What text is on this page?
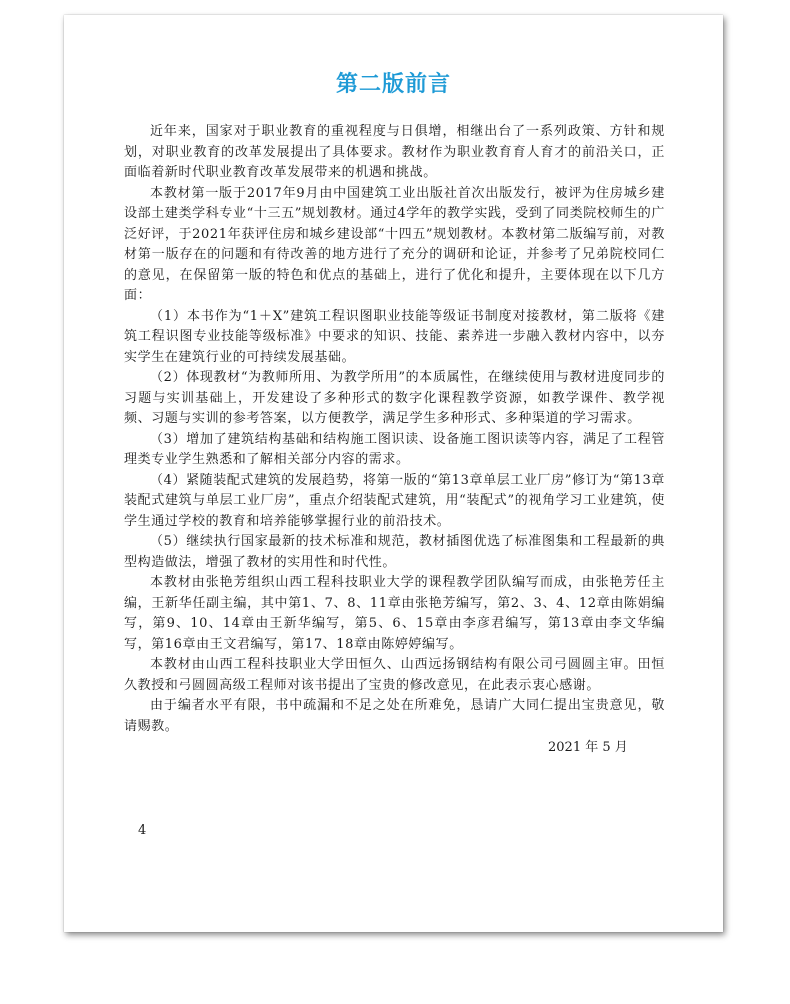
第二版前言

近年来，国家对于职业教育的重视程度与日俱增，相继出台了一系列政策、方针和规划，对职业教育的改革发展提出了具体要求。教材作为职业教育育人育才的前沿关口，正面临着新时代职业教育改革发展带来的机遇和挑战。

本教材第一版于2017年9月由中国建筑工业出版社首次出版发行，被评为住房城乡建设部土建类学科专业“十三五”规划教材。通过4学年的教学实践，受到了同类院校师生的广泛好评，于2021年获评住房和城乡建设部“十四五”规划教材。本教材第二版编写前，对教材第一版存在的问题和有待改善的地方进行了充分的调研和论证，并参考了兄弟院校同仁的意见，在保留第一版的特色和优点的基础上，进行了优化和提升，主要体现在以下几方面：

（1）本书作为“1＋X”建筑工程识图职业技能等级证书制度对接教材，第二版将《建筑工程识图专业技能等级标准》中要求的知识、技能、素养进一步融入教材内容中，以夯实学生在建筑行业的可持续发展基础。

（2）体现教材“为教师所用、为教学所用”的本质属性，在继续使用与教材进度同步的习题与实训基础上，开发建设了多种形式的数字化课程教学资源，如教学课件、教学视频、习题与实训的参考答案，以方便教学，满足学生多种形式、多种渠道的学习需求。

（3）增加了建筑结构基础和结构施工图识读、设备施工图识读等内容，满足了工程管理类专业学生熟悉和了解相关部分内容的需求。

（4）紧随装配式建筑的发展趋势，将第一版的“第13章单层工业厂房”修订为“第13章装配式建筑与单层工业厂房”，重点介绍装配式建筑，用“装配式”的视角学习工业建筑，使学生通过学校的教育和培养能够掌握行业的前沿技术。

（5）继续执行国家最新的技术标准和规范，教材插图优选了标准图集和工程最新的典型构造做法，增强了教材的实用性和时代性。

本教材由张艳芳组织山西工程科技职业大学的课程教学团队编写而成，由张艳芳任主编，王新华任副主编，其中第1、7、8、11章由张艳芳编写，第2、3、4、12章由陈娟编写，第9、10、14章由王新华编写，第5、6、15章由李彦君编写，第13章由李文华编写，第16章由王文君编写，第17、18章由陈婷婷编写。

本教材由山西工程科技职业大学田恒久、山西远扬钢结构有限公司弓圆圆主审。田恒久教授和弓圆圆高级工程师对该书提出了宝贵的修改意见，在此表示衷心感谢。

由于编者水平有限，书中疏漏和不足之处在所难免，恳请广大同仁提出宝贵意见，敬请赐教。

2021 年 5 月
4
